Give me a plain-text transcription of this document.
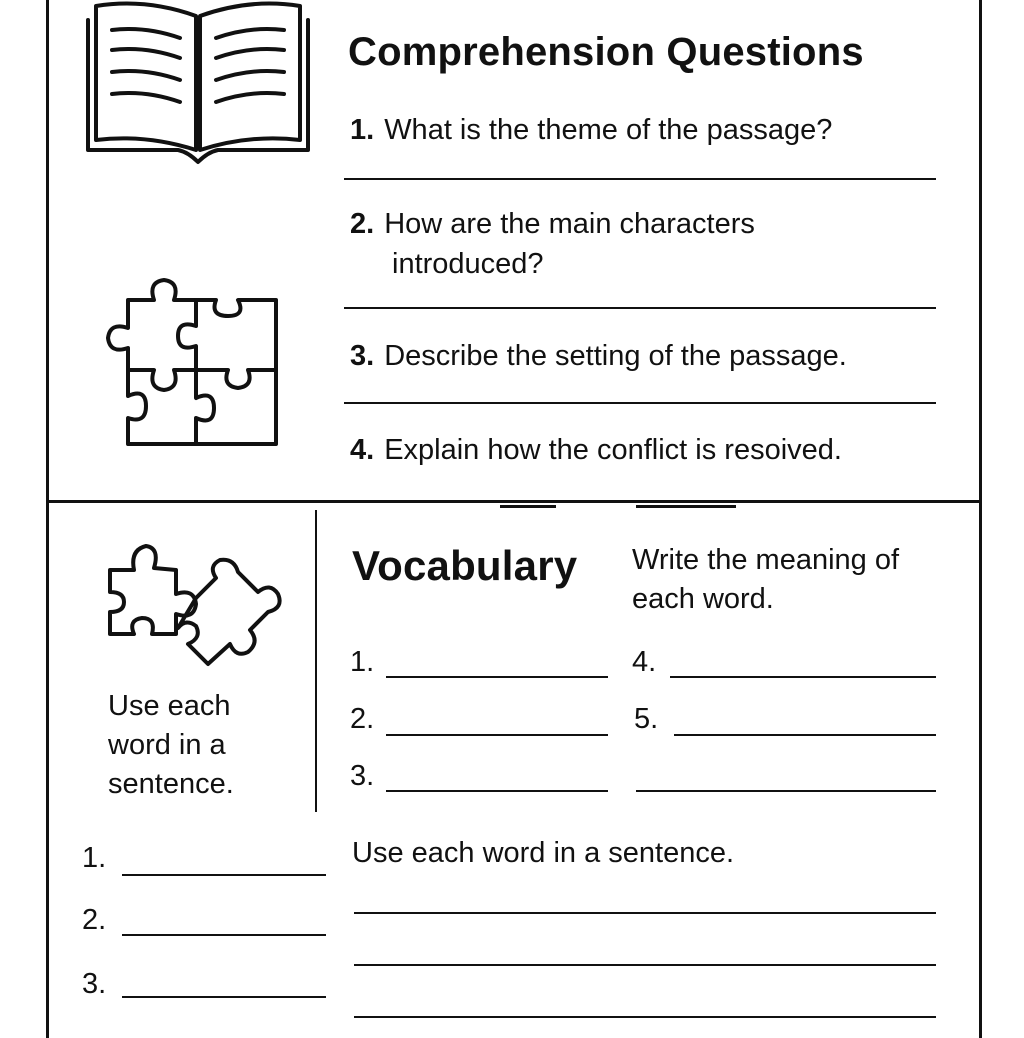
Comprehension Questions
1. What is the theme of the passage?
2. How are the main characters introduced?
3. Describe the setting of the passage.
4. Explain how the conflict is resoived.
Use each word in a sentence.
Vocabulary Write the meaning of each word.
1.
2.
3.
4.
5.
1.
2.
3.
Use each word in a sentence.
